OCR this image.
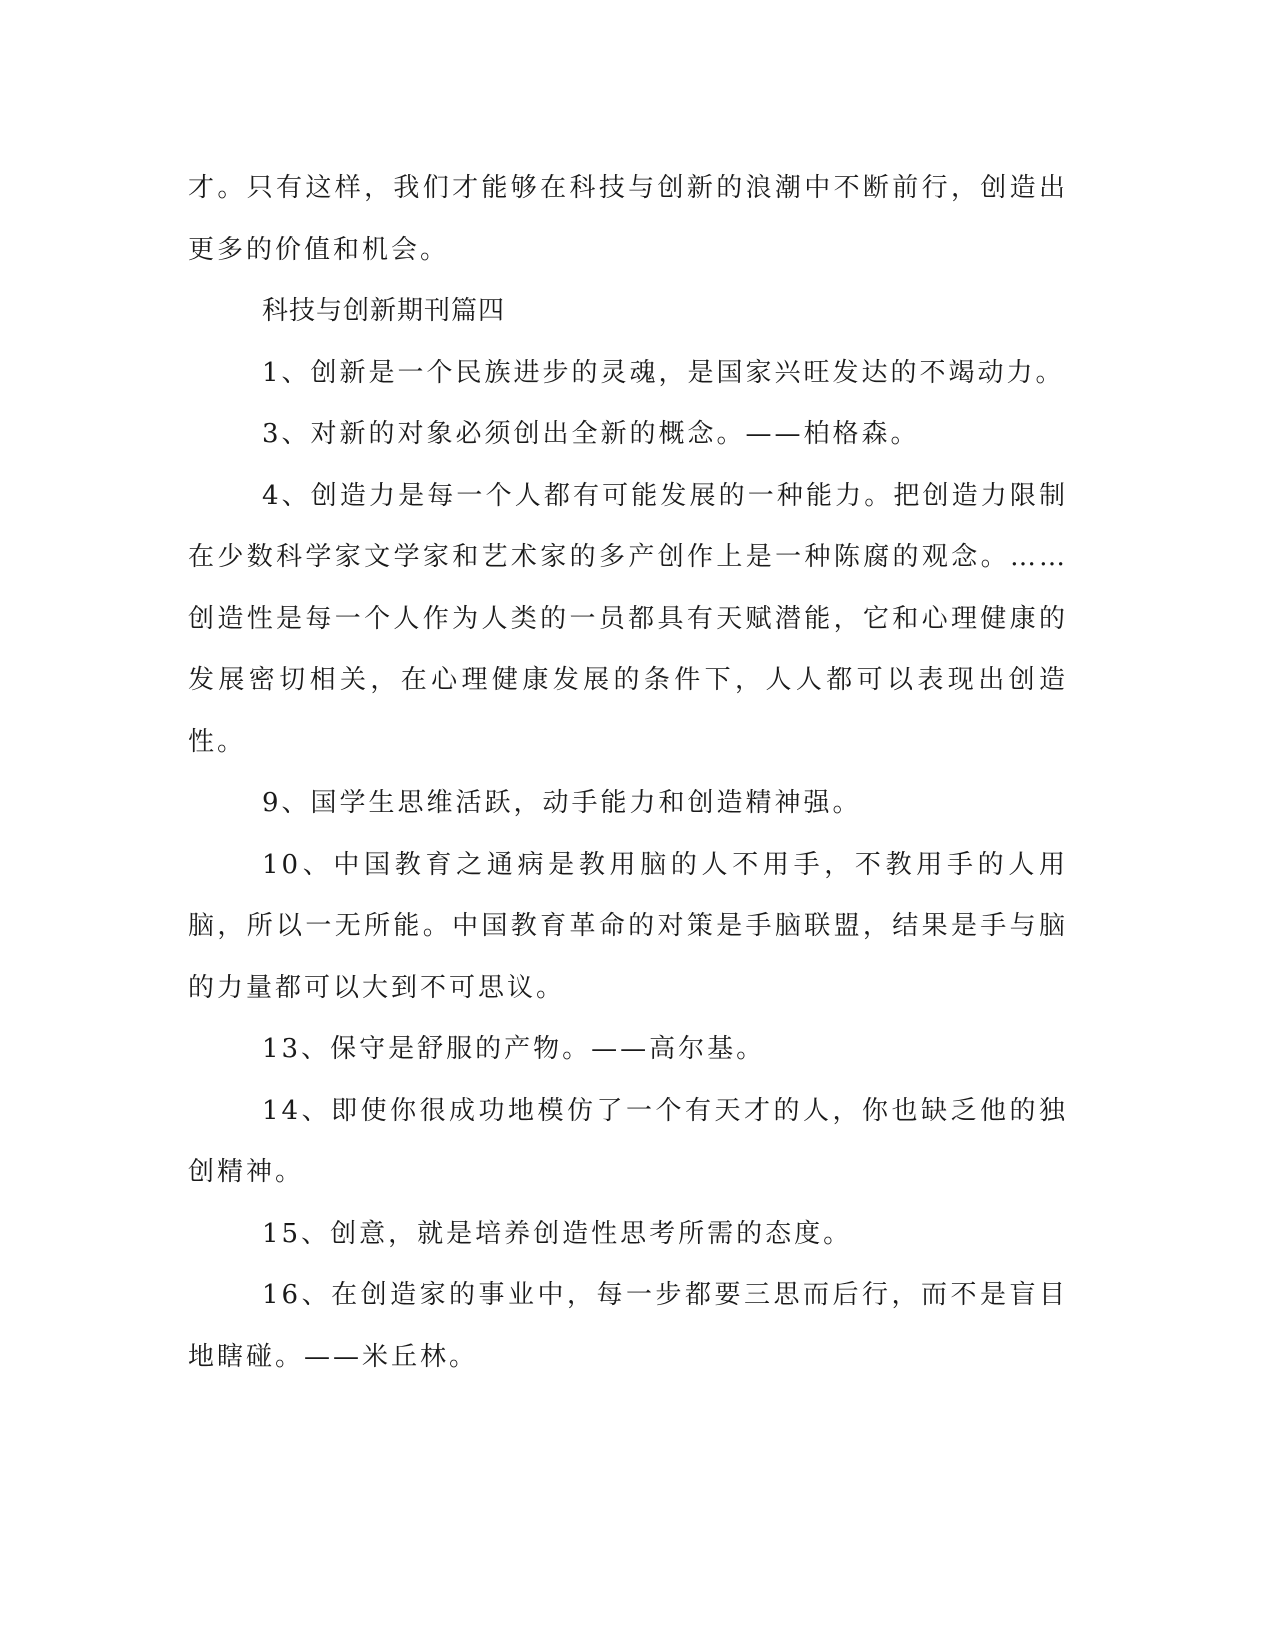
才。只有这样，我们才能够在科技与创新的浪潮中不断前行，创造出更多的价值和机会。

科技与创新期刊篇四

1、创新是一个民族进步的灵魂，是国家兴旺发达的不竭动力。

3、对新的对象必须创出全新的概念。——柏格森。

4、创造力是每一个人都有可能发展的一种能力。把创造力限制在少数科学家文学家和艺术家的多产创作上是一种陈腐的观念。……创造性是每一个人作为人类的一员都具有天赋潜能，它和心理健康的发展密切相关，在心理健康发展的条件下，人人都可以表现出创造性。

9、国学生思维活跃，动手能力和创造精神强。

10、中国教育之通病是教用脑的人不用手，不教用手的人用脑，所以一无所能。中国教育革命的对策是手脑联盟，结果是手与脑的力量都可以大到不可思议。

13、保守是舒服的产物。——高尔基。

14、即使你很成功地模仿了一个有天才的人，你也缺乏他的独创精神。

15、创意，就是培养创造性思考所需的态度。

16、在创造家的事业中，每一步都要三思而后行，而不是盲目地瞎碰。——米丘林。
